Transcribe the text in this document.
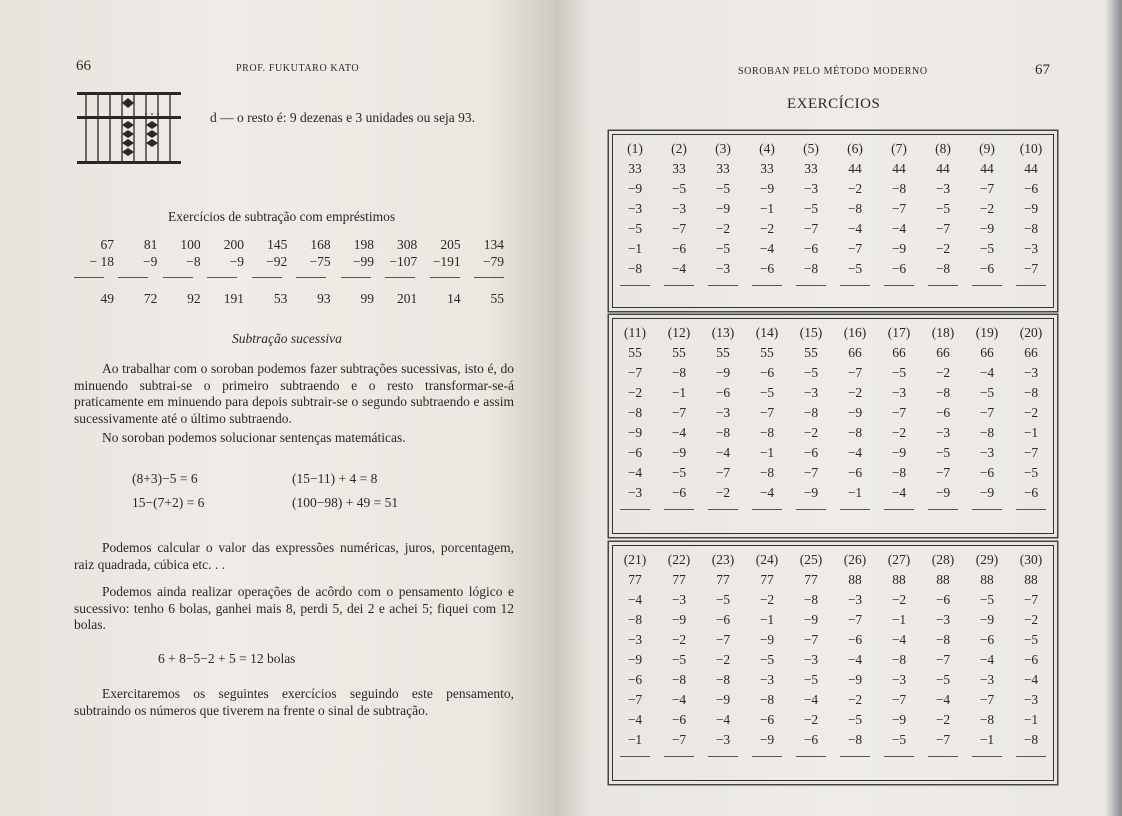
66	PROF. FUKUTARO KATO
d — o resto é: 9 dezenas e 3 unidades ou seja 93.
Exercícios de subtração com empréstimos
67	81	100	200	145	168	198	308	205	134
− 18	−9	−8	−9	−92	−75	−99	−107	−191	−79
49	72	92	191	53	93	99	201	14	55
Subtração sucessiva
Ao trabalhar com o soroban podemos fazer subtrações sucessivas, isto é, do minuendo subtrai-se o primeiro subtraendo e o resto transformar-se-á praticamente em minuendo para depois subtrair-se o segundo subtraendo e assim sucessivamente até o último subtraendo.
No soroban podemos solucionar sentenças matemáticas.
(8+3)−5 = 6	(15−11) + 4 = 8
15−(7+2) = 6	(100−98) + 49 = 51
Podemos calcular o valor das expressões numéricas, juros, porcentagem, raiz quadrada, cúbica etc. . .
Podemos ainda realizar operações de acôrdo com o pensamento lógico e sucessivo: tenho 6 bolas, ganhei mais 8, perdi 5, dei 2 e achei 5; fiquei com 12 bolas.
6 + 8−5−2 + 5 = 12 bolas
Exercitaremos os seguintes exercícios seguindo este pensamento, subtraindo os números que tiverem na frente o sinal de subtração.
SOROBAN PELO MÉTODO MODERNO	67
EXERCÍCIOS
(1)	(2)	(3)	(4)	(5)	(6)	(7)	(8)	(9)	(10)
33	33	33	33	33	44	44	44	44	44
−9	−5	−5	−9	−3	−2	−8	−3	−7	−6
−3	−3	−9	−1	−5	−8	−7	−5	−2	−9
−5	−7	−2	−2	−7	−4	−4	−7	−9	−8
−1	−6	−5	−4	−6	−7	−9	−2	−5	−3
−8	−4	−3	−6	−8	−5	−6	−8	−6	−7
(11)	(12)	(13)	(14)	(15)	(16)	(17)	(18)	(19)	(20)
55	55	55	55	55	66	66	66	66	66
−7	−8	−9	−6	−5	−7	−5	−2	−4	−3
−2	−1	−6	−5	−3	−2	−3	−8	−5	−8
−8	−7	−3	−7	−8	−9	−7	−6	−7	−2
−9	−4	−8	−8	−2	−8	−2	−3	−8	−1
−6	−9	−4	−1	−6	−4	−9	−5	−3	−7
−4	−5	−7	−8	−7	−6	−8	−7	−6	−5
−3	−6	−2	−4	−9	−1	−4	−9	−9	−6
(21)	(22)	(23)	(24)	(25)	(26)	(27)	(28)	(29)	(30)
77	77	77	77	77	88	88	88	88	88
−4	−3	−5	−2	−8	−3	−2	−6	−5	−7
−8	−9	−6	−1	−9	−7	−1	−3	−9	−2
−3	−2	−7	−9	−7	−6	−4	−8	−6	−5
−9	−5	−2	−5	−3	−4	−8	−7	−4	−6
−6	−8	−8	−3	−5	−9	−3	−5	−3	−4
−7	−4	−9	−8	−4	−2	−7	−4	−7	−3
−4	−6	−4	−6	−2	−5	−9	−2	−8	−1
−1	−7	−3	−9	−6	−8	−5	−7	−1	−8
